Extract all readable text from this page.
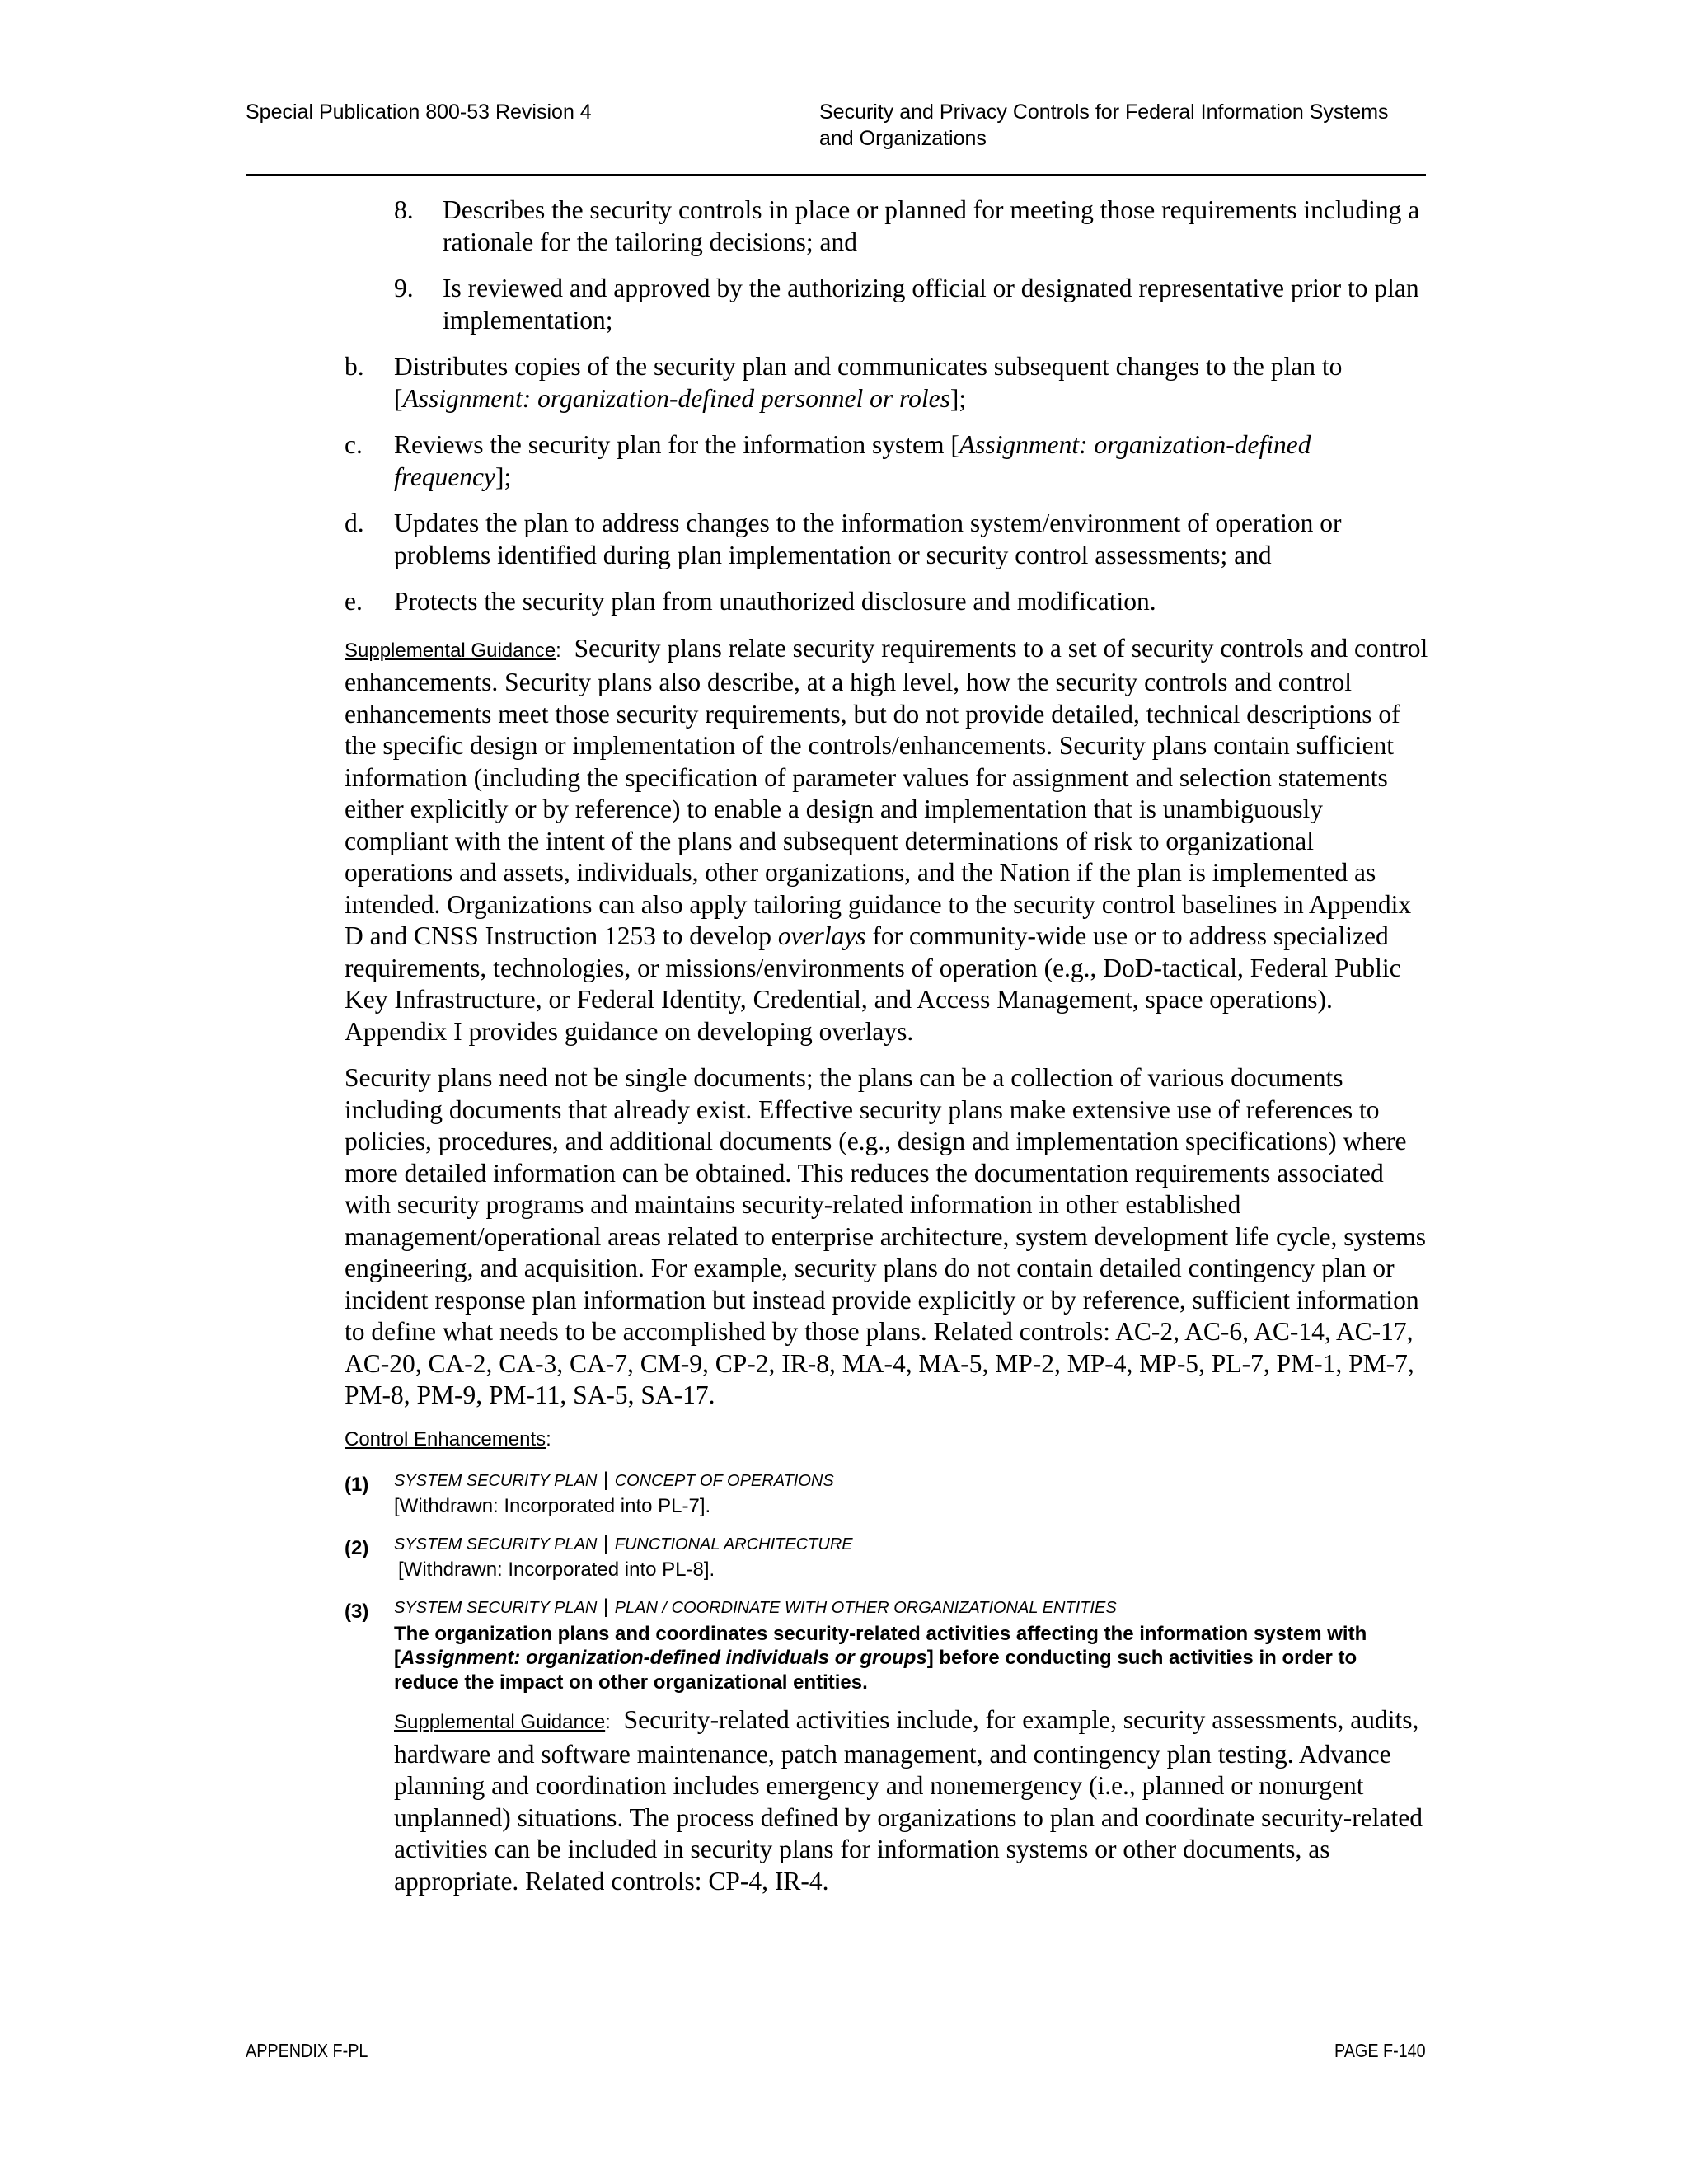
Special Publication 800-53 Revision 4	Security and Privacy Controls for Federal Information Systems
and Organizations
8. Describes the security controls in place or planned for meeting those requirements including a rationale for the tailoring decisions; and
9. Is reviewed and approved by the authorizing official or designated representative prior to plan implementation;
b. Distributes copies of the security plan and communicates subsequent changes to the plan to [Assignment: organization-defined personnel or roles];
c. Reviews the security plan for the information system [Assignment: organization-defined frequency];
d. Updates the plan to address changes to the information system/environment of operation or problems identified during plan implementation or security control assessments; and
e. Protects the security plan from unauthorized disclosure and modification.
Supplemental Guidance: Security plans relate security requirements to a set of security controls and control enhancements. Security plans also describe, at a high level, how the security controls and control enhancements meet those security requirements, but do not provide detailed, technical descriptions of the specific design or implementation of the controls/enhancements. Security plans contain sufficient information (including the specification of parameter values for assignment and selection statements either explicitly or by reference) to enable a design and implementation that is unambiguously compliant with the intent of the plans and subsequent determinations of risk to organizational operations and assets, individuals, other organizations, and the Nation if the plan is implemented as intended. Organizations can also apply tailoring guidance to the security control baselines in Appendix D and CNSS Instruction 1253 to develop overlays for community-wide use or to address specialized requirements, technologies, or missions/environments of operation (e.g., DoD-tactical, Federal Public Key Infrastructure, or Federal Identity, Credential, and Access Management, space operations). Appendix I provides guidance on developing overlays.
Security plans need not be single documents; the plans can be a collection of various documents including documents that already exist. Effective security plans make extensive use of references to policies, procedures, and additional documents (e.g., design and implementation specifications) where more detailed information can be obtained. This reduces the documentation requirements associated with security programs and maintains security-related information in other established management/operational areas related to enterprise architecture, system development life cycle, systems engineering, and acquisition. For example, security plans do not contain detailed contingency plan or incident response plan information but instead provide explicitly or by reference, sufficient information to define what needs to be accomplished by those plans. Related controls: AC-2, AC-6, AC-14, AC-17, AC-20, CA-2, CA-3, CA-7, CM-9, CP-2, IR-8, MA-4, MA-5, MP-2, MP-4, MP-5, PL-7, PM-1, PM-7, PM-8, PM-9, PM-11, SA-5, SA-17.
Control Enhancements:
(1) SYSTEM SECURITY PLAN | CONCEPT OF OPERATIONS
[Withdrawn: Incorporated into PL-7].
(2) SYSTEM SECURITY PLAN | FUNCTIONAL ARCHITECTURE
[Withdrawn: Incorporated into PL-8].
(3) SYSTEM SECURITY PLAN | PLAN / COORDINATE WITH OTHER ORGANIZATIONAL ENTITIES
The organization plans and coordinates security-related activities affecting the information system with [Assignment: organization-defined individuals or groups] before conducting such activities in order to reduce the impact on other organizational entities.
Supplemental Guidance: Security-related activities include, for example, security assessments, audits, hardware and software maintenance, patch management, and contingency plan testing. Advance planning and coordination includes emergency and nonemergency (i.e., planned or nonurgent unplanned) situations. The process defined by organizations to plan and coordinate security-related activities can be included in security plans for information systems or other documents, as appropriate. Related controls: CP-4, IR-4.
APPENDIX F-PL	PAGE F-140
